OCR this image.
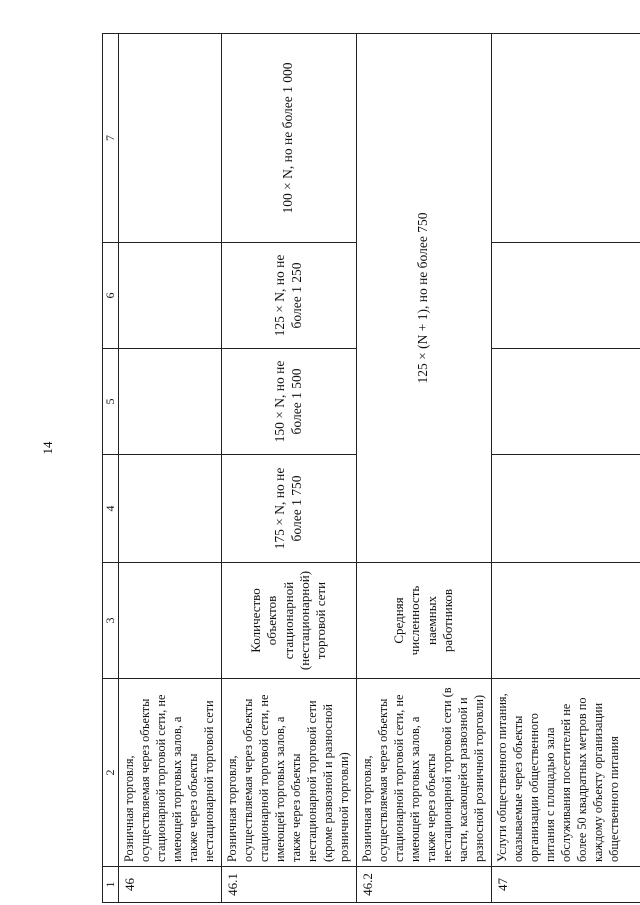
14
1	2	3	4	5	6	7
46	Розничная торговля, осуществляемая через объекты стационарной торговой сети, не имеющей торговых залов, а также через объекты нестационарной торговой сети					
46.1	Розничная торговля, осуществляемая через объекты стационарной торговой сети, не имеющей торговых залов, а также через объекты нестационарной торговой сети (кроме развозной и разносной розничной торговли)	Количество объектов стационарной (нестационарной) торговой сети	175 × N, но не более 1 750	150 × N, но не более 1 500	125 × N, но не более 1 250	100 × N, но не более 1 000
46.2	Розничная торговля, осуществляемая через объекты стационарной торговой сети, не имеющей торговых залов, а также через объекты нестационарной торговой сети (в части, касающейся развозной и разносной розничной торговли)	Средняя численность наемных работников	125 × (N + 1), но не более 750			
47	Услуги общественного питания, оказываемые через объекты организации общественного питания с площадью зала обслуживания посетителей не более 50 квадратных метров по каждому объекту организации общественного питания					
